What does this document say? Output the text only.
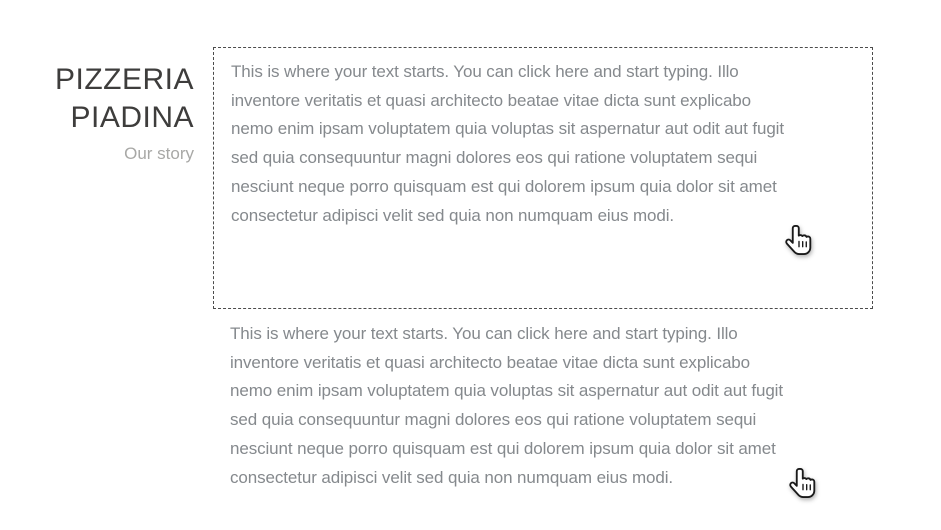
PIZZERIA PIADINA
Our story
This is where your text starts. You can click here and start typing. Illo
inventore veritatis et quasi architecto beatae vitae dicta sunt explicabo
nemo enim ipsam voluptatem quia voluptas sit aspernatur aut odit aut fugit
sed quia consequuntur magni dolores eos qui ratione voluptatem sequi
nesciunt neque porro quisquam est qui dolorem ipsum quia dolor sit amet
consectetur adipisci velit sed quia non numquam eius modi.
This is where your text starts. You can click here and start typing. Illo
inventore veritatis et quasi architecto beatae vitae dicta sunt explicabo
nemo enim ipsam voluptatem quia voluptas sit aspernatur aut odit aut fugit
sed quia consequuntur magni dolores eos qui ratione voluptatem sequi
nesciunt neque porro quisquam est qui dolorem ipsum quia dolor sit amet
consectetur adipisci velit sed quia non numquam eius modi.
